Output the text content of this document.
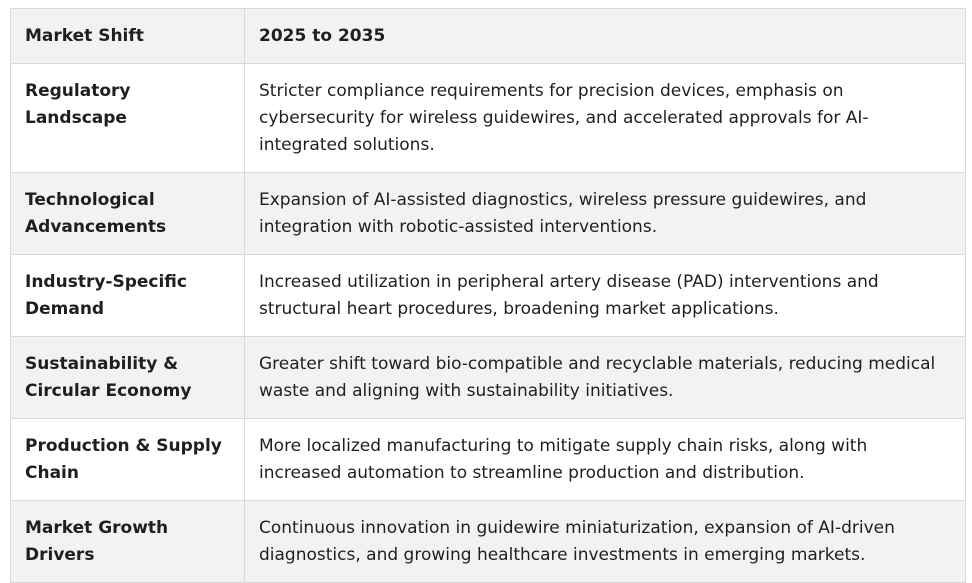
Market Shift	2025 to 2035
Regulatory Landscape	Stricter compliance requirements for precision devices, emphasis on cybersecurity for wireless guidewires, and accelerated approvals for AI-integrated solutions.
Technological Advancements	Expansion of AI-assisted diagnostics, wireless pressure guidewires, and integration with robotic-assisted interventions.
Industry-Specific Demand	Increased utilization in peripheral artery disease (PAD) interventions and structural heart procedures, broadening market applications.
Sustainability & Circular Economy	Greater shift toward bio-compatible and recyclable materials, reducing medical waste and aligning with sustainability initiatives.
Production & Supply Chain	More localized manufacturing to mitigate supply chain risks, along with increased automation to streamline production and distribution.
Market Growth Drivers	Continuous innovation in guidewire miniaturization, expansion of AI-driven diagnostics, and growing healthcare investments in emerging markets.
